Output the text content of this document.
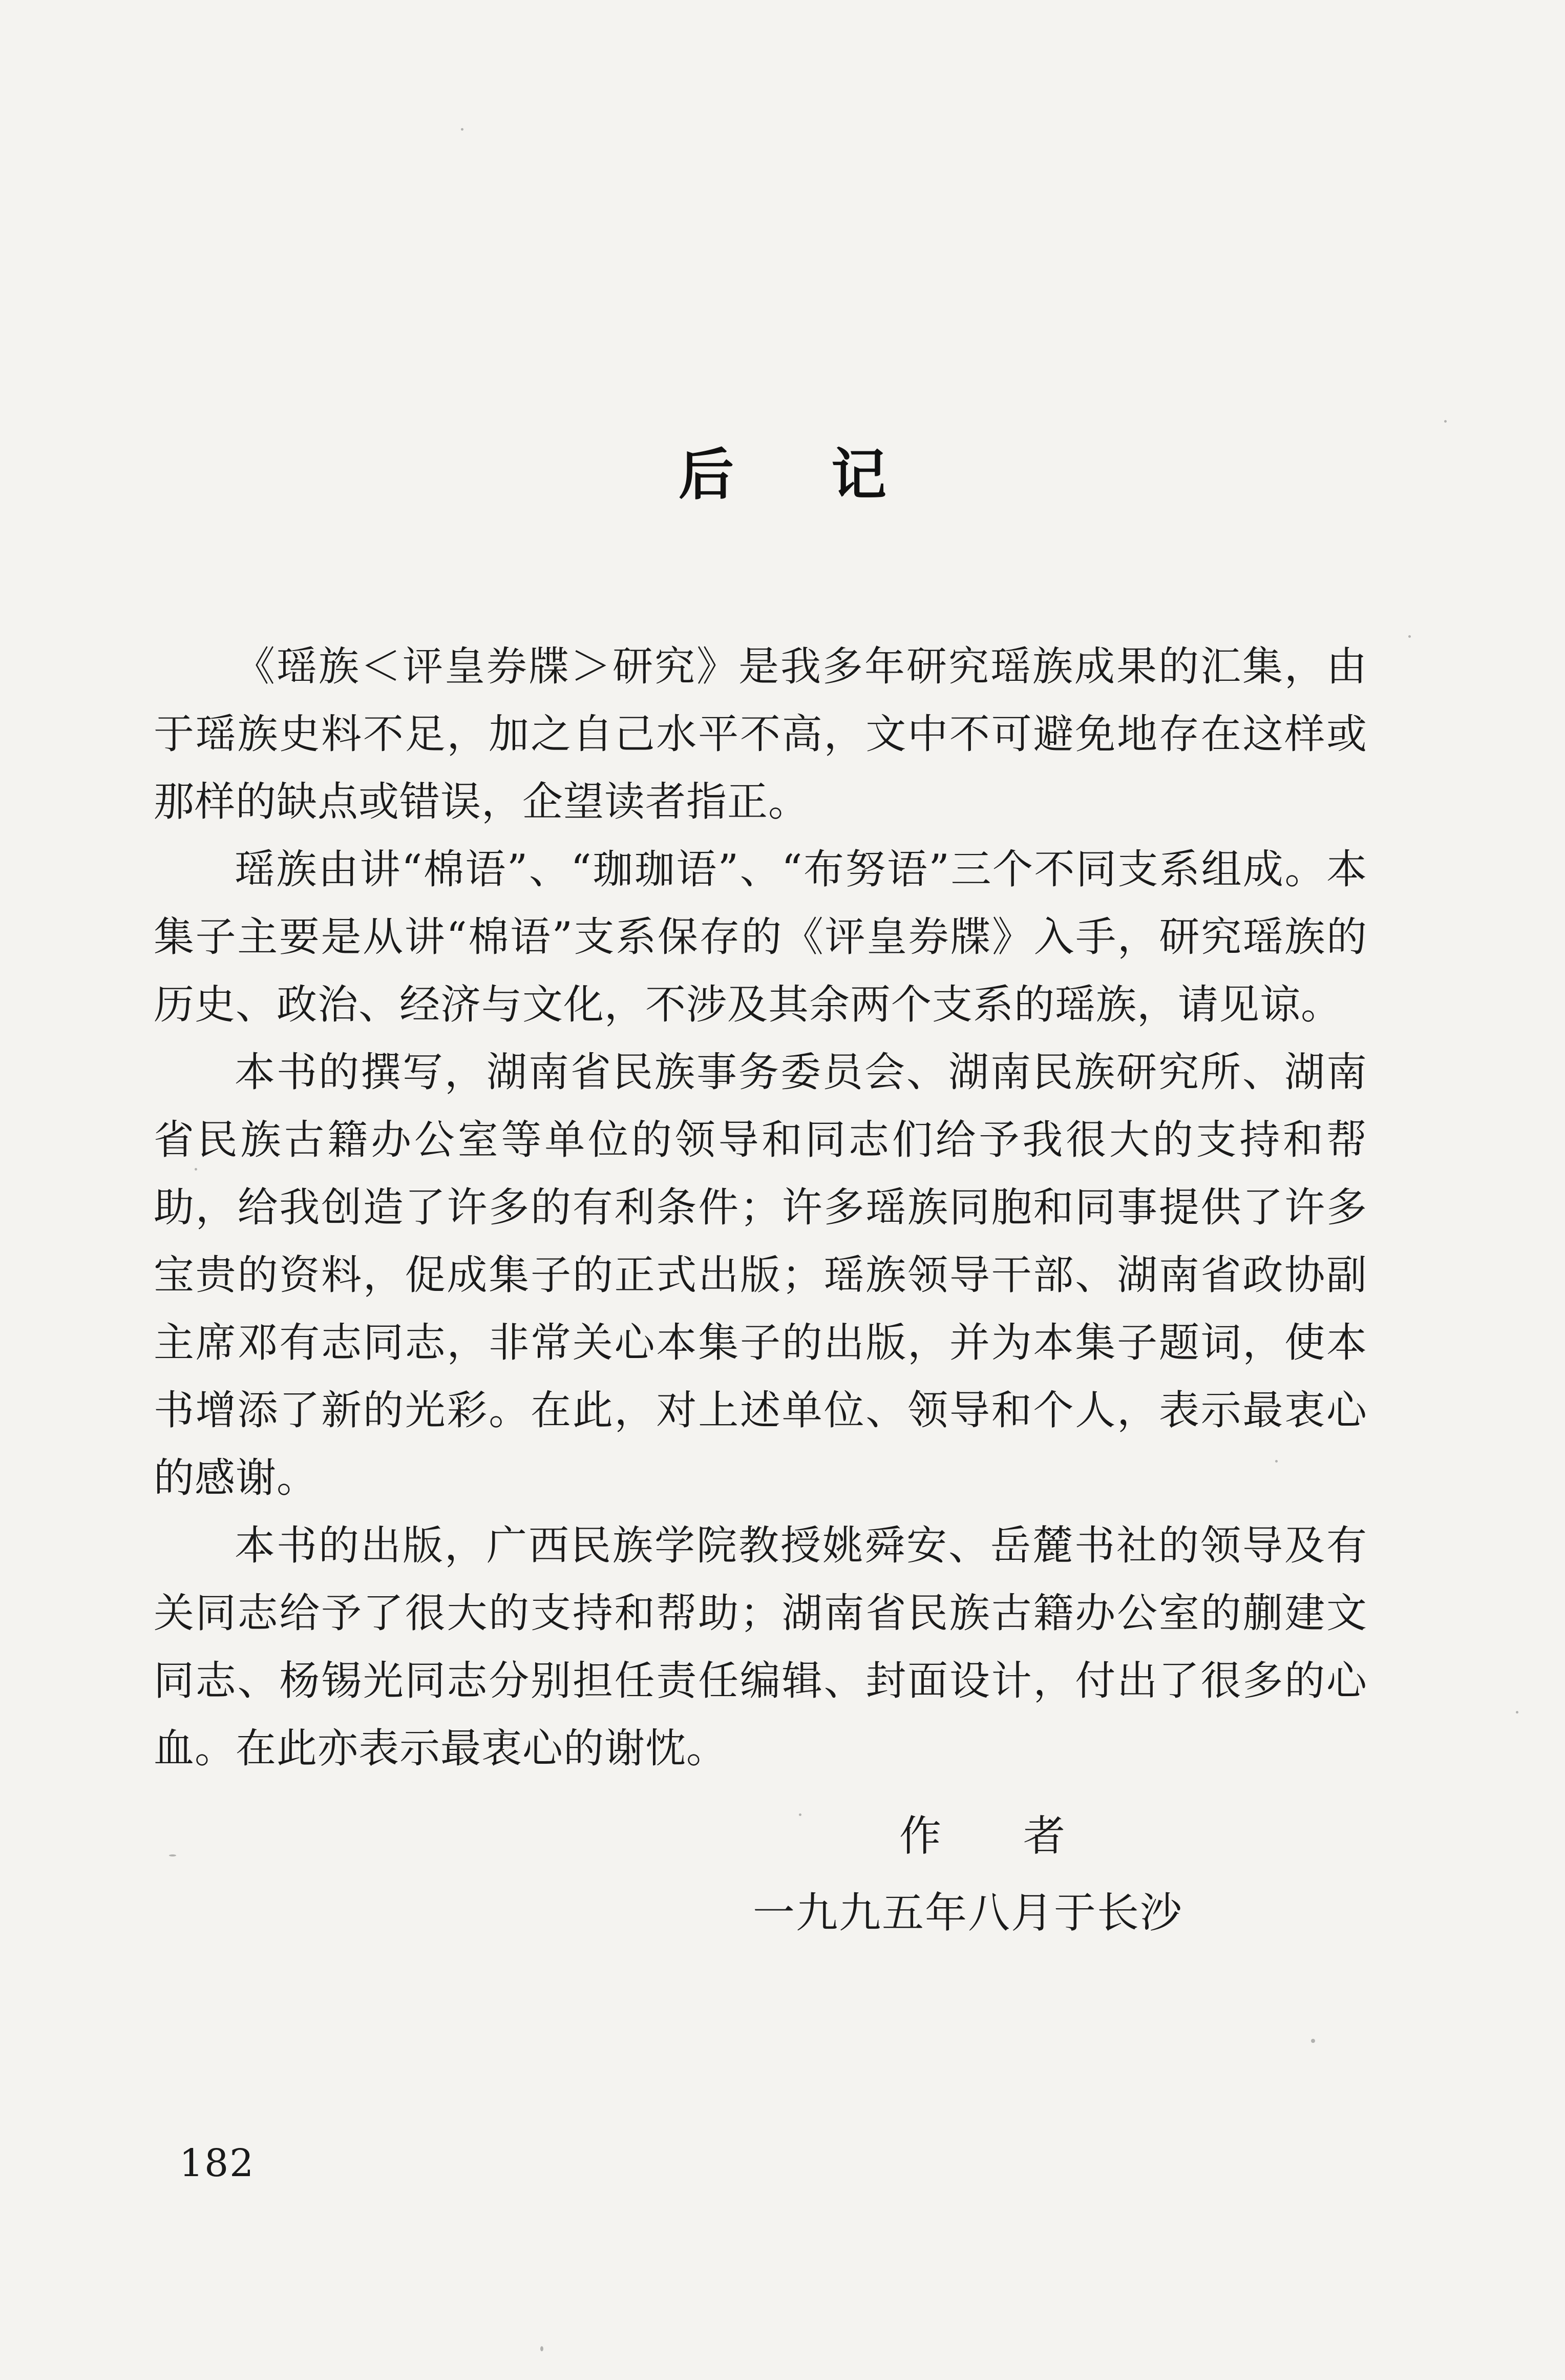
后记

《瑶族＜评皇券牒＞研究》是我多年研究瑶族成果的汇集，由于瑶族史料不足，加之自己水平不高，文中不可避免地存在这样或那样的缺点或错误，企望读者指正。

瑶族由讲“棉语”、“珈珈语”、“布努语”三个不同支系组成。本集子主要是从讲“棉语”支系保存的《评皇券牒》入手，研究瑶族的历史、政治、经济与文化，不涉及其余两个支系的瑶族，请见谅。

本书的撰写，湖南省民族事务委员会、湖南民族研究所、湖南省民族古籍办公室等单位的领导和同志们给予我很大的支持和帮助，给我创造了许多的有利条件；许多瑶族同胞和同事提供了许多宝贵的资料，促成集子的正式出版；瑶族领导干部、湖南省政协副主席邓有志同志，非常关心本集子的出版，并为本集子题词，使本书增添了新的光彩。在此，对上述单位、领导和个人，表示最衷心的感谢。

本书的出版，广西民族学院教授姚舜安、岳麓书社的领导及有关同志给予了很大的支持和帮助；湖南省民族古籍办公室的蒯建文同志、杨锡光同志分别担任责任编辑、封面设计，付出了很多的心血。在此亦表示最衷心的谢忱。

作者
一九九五年八月于长沙
182
